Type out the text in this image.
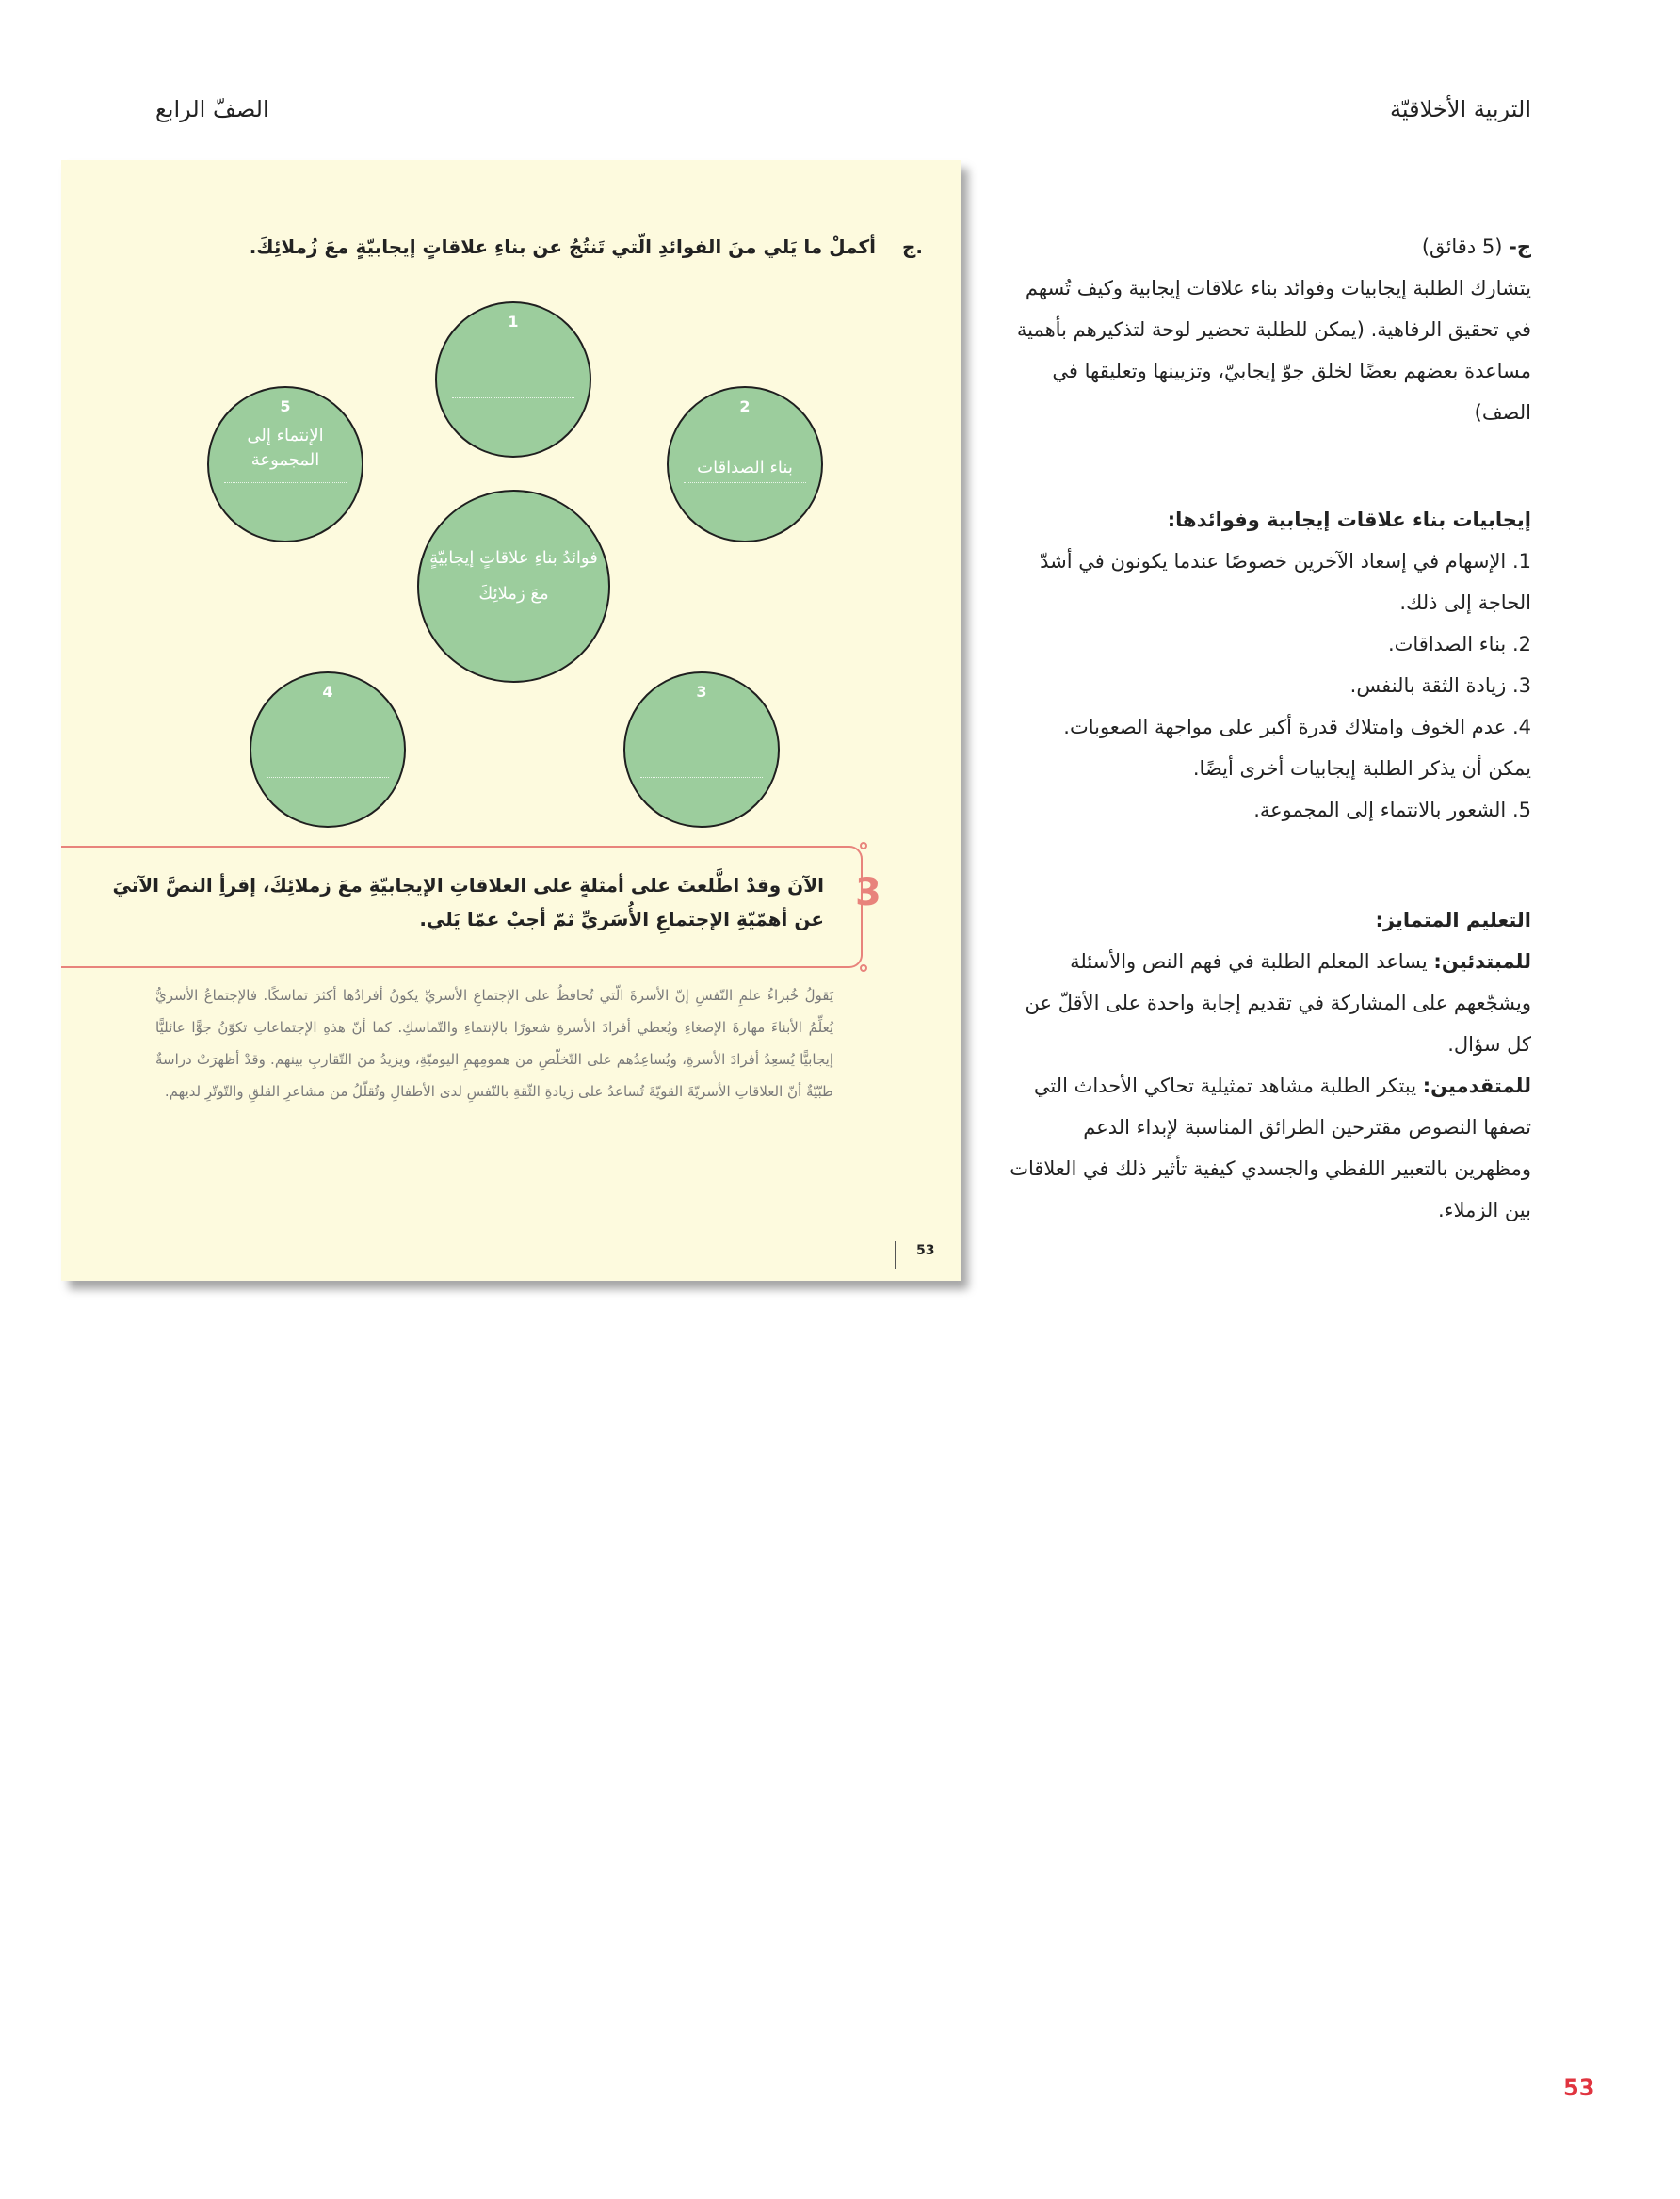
التربية الأخلاقيّة
الصفّ الرابع
ج.
أكملْ ما يَلي منَ الفوائدِ الّتي تَنتُجُ عن بناءِ علاقاتٍ إيجابيّةٍ معَ زُملائِكَ.
1
2
بناء الصداقات
3
4
5
الإنتماء إلى المجموعة
فوائدُ بناءِ علاقاتٍ إيجابيّةٍ معَ زملائِكَ
3
الآنَ وقدْ اطَّلعتَ على أمثلةٍ على العلاقاتِ الإيجابيّةِ معَ زملائِكَ، إقرأِ النصَّ الآتيَ عن أهمّيّةِ الإجتماعِ الأُسَريِّ ثمّ أجبْ عمّا يَلي.
يَقولُ خُبراءُ علمِ النّفسِ إنّ الأسرةَ الّتي تُحافظُ على الإجتماعِ الأسريِّ يكونُ أفرادُها أكثرَ تماسكًا. فالإجتماعُ الأسريُّ يُعلِّمُ الأبناءَ مهارةَ الإصغاءِ ويُعطي أفرادَ الأسرةِ شعورًا بالإنتماءِ والتّماسكِ. كما أنّ هذهِ الإجتماعاتِ تكوّنُ جوًّا عائليًّا إيجابيًّا يُسعِدُ أفرادَ الأسرةِ، ويُساعِدُهم على التّخلّصِ من همومِهمِ اليوميّةِ، ويزيدُ منَ التّقاربِ بينهم. وقدْ أظهرَتْ دراسةٌ طبّيّةٌ أنّ العلاقاتِ الأسريّةَ القويّةَ تُساعدُ على زيادةِ الثّقةِ بالنّفسِ لدى الأطفالِ وتُقلّلُ من مشاعرِ القلقِ والتّوتّرِ لديهم.
53

ج- (5 دقائق)

يتشارك الطلبة إيجابيات وفوائد بناء علاقات إيجابية وكيف تُسهم في تحقيق الرفاهية. (يمكن للطلبة تحضير لوحة لتذكيرهم بأهمية مساعدة بعضهم بعضًا لخلق جوّ إيجابيّ، وتزيينها وتعليقها في الصف)

إيجابيات بناء علاقات إيجابية وفوائدها:

1. الإسهام في إسعاد الآخرين خصوصًا عندما يكونون في أشدّ الحاجة إلى ذلك.

2. بناء الصداقات.

3. زيادة الثقة بالنفس.

4. عدم الخوف وامتلاك قدرة أكبر على مواجهة الصعوبات.

يمكن أن يذكر الطلبة إيجابيات أخرى أيضًا.

5. الشعور بالانتماء إلى المجموعة.

التعليم المتمايز:

للمبتدئين: يساعد المعلم الطلبة في فهم النص والأسئلة ويشجّعهم على المشاركة في تقديم إجابة واحدة على الأقلّ عن كل سؤال.

للمتقدمين: يبتكر الطلبة مشاهد تمثيلية تحاكي الأحداث التي تصفها النصوص مقترحين الطرائق المناسبة لإبداء الدعم ومظهرين بالتعبير اللفظي والجسدي كيفية تأثير ذلك في العلاقات بين الزملاء.

53
